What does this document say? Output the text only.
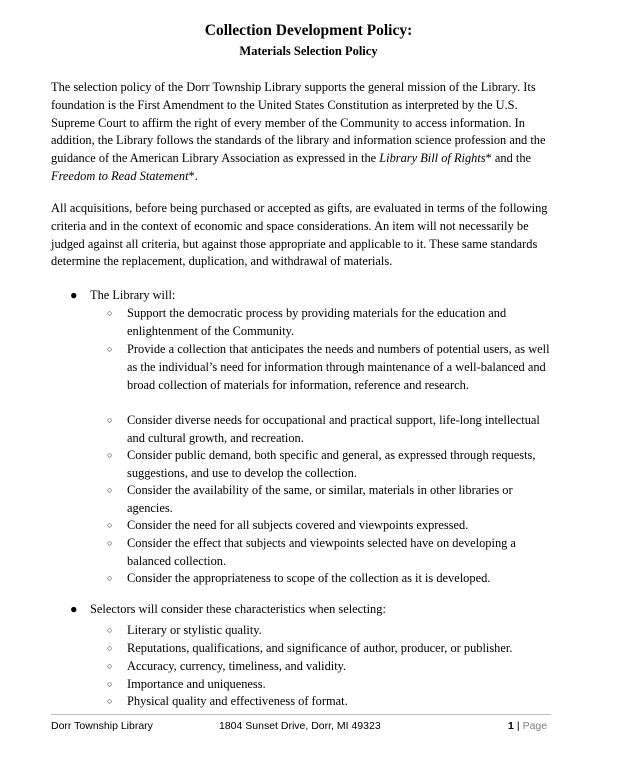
Collection Development Policy:
Materials Selection Policy

The selection policy of the Dorr Township Library supports the general mission of the Library. Its foundation is the First Amendment to the United States Constitution as interpreted by the U.S. Supreme Court to affirm the right of every member of the Community to access information. In addition, the Library follows the standards of the library and information science profession and the guidance of the American Library Association as expressed in the Library Bill of Rights* and the Freedom to Read Statement*.

All acquisitions, before being purchased or accepted as gifts, are evaluated in terms of the following criteria and in the context of economic and space considerations. An item will not necessarily be judged against all criteria, but against those appropriate and applicable to it. These same standards determine the replacement, duplication, and withdrawal of materials.

●	The Library will:
○ Support the democratic process by providing materials for the education and enlightenment of the Community.
○ Provide a collection that anticipates the needs and numbers of potential users, as well as the individual’s need for information through maintenance of a well-balanced and broad collection of materials for information, reference and research.
○ Consider diverse needs for occupational and practical support, life-long intellectual and cultural growth, and recreation.
○ Consider public demand, both specific and general, as expressed through requests, suggestions, and use to develop the collection.
○ Consider the availability of the same, or similar, materials in other libraries or agencies.
○ Consider the need for all subjects covered and viewpoints expressed.
○ Consider the effect that subjects and viewpoints selected have on developing a balanced collection.
○ Consider the appropriateness to scope of the collection as it is developed.
●	Selectors will consider these characteristics when selecting:
○ Literary or stylistic quality.
○ Reputations, qualifications, and significance of author, producer, or publisher.
○ Accuracy, currency, timeliness, and validity.
○ Importance and uniqueness.
○ Physical quality and effectiveness of format.
Dorr Township Library	1804 Sunset Drive, Dorr, MI 49323	1 | Page
